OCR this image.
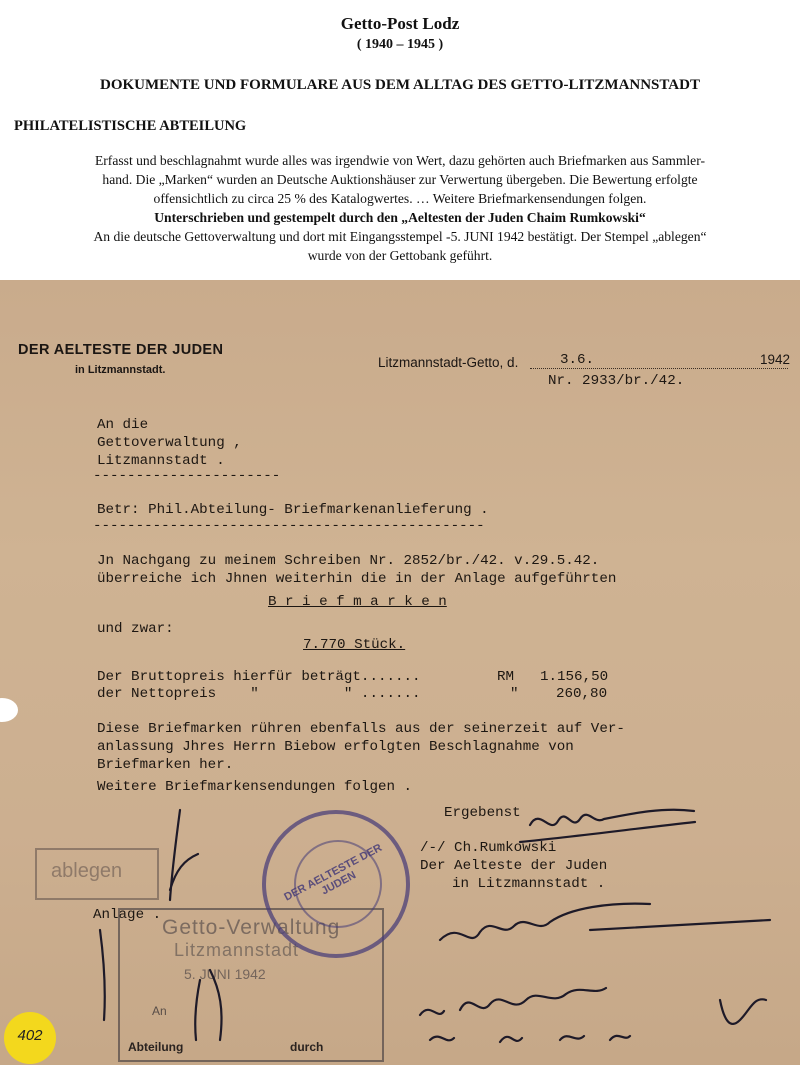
Getto-Post Lodz
( 1940 – 1945 )
DOKUMENTE UND FORMULARE AUS DEM ALLTAG DES GETTO-LITZMANNSTADT
PHILATELISTISCHE ABTEILUNG
Erfasst und beschlagnahmt wurde alles was irgendwie von Wert, dazu gehörten auch Briefmarken aus Sammler-
hand. Die „Marken“ wurden an Deutsche Auktionshäuser zur Verwertung übergeben. Die Bewertung erfolgte
offensichtlich zu circa 25 % des Katalogwertes. … Weitere Briefmarkensendungen folgen.
Unterschrieben und gestempelt durch den „Aeltesten der Juden Chaim Rumkowski“
An die deutsche Gettoverwaltung und dort mit Eingangsstempel -5. JUNI 1942 bestätigt. Der Stempel „ablegen“
wurde von der Gettobank geführt.
DER AELTESTE DER JUDEN
in Litzmannstadt.	Litzmannstadt-Getto, d.	3.6.	1942
Nr. 2933/br./42.
An die
Gettoverwaltung ,
Litzmannstadt .
----------------------
Betr: Phil.Abteilung- Briefmarkenanlieferung .
----------------------------------------------
Jn Nachgang zu meinem Schreiben Nr. 2852/br./42. v.29.5.42.
überreiche ich Jhnen weiterhin die in der Anlage aufgeführten
B r i e f m a r k e n
und zwar:
7.770 Stück.
Der Bruttopreis hierfür beträgt.......	RM 1.156,50
der Nettopreis    "          " .......	"	260,80
Diese Briefmarken rühren ebenfalls aus der seinerzeit auf Ver-
anlassung Jhres Herrn Biebow erfolgten Beschlagnahme von
Briefmarken her.
Weitere Briefmarkensendungen folgen .
Ergebenst
/-/ Ch.Rumkowski
Der Aelteste der Juden
in Litzmannstadt .
Anlage .
ablegen
Getto-Verwaltung
Litzmannstadt
5. JUNI 1942
An
Abteilung	durch
DER AELTESTE DER JUDEN
402
